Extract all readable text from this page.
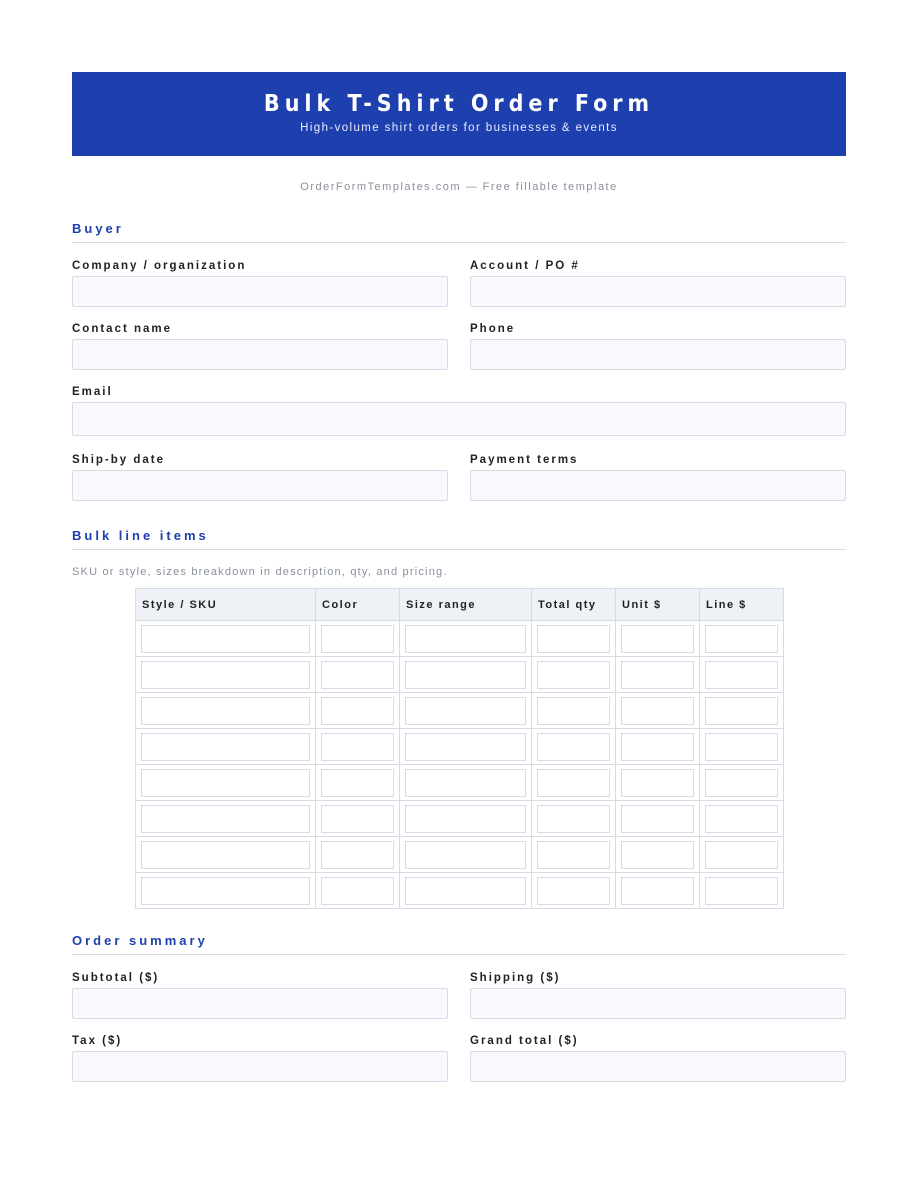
Bulk T-Shirt Order Form
High-volume shirt orders for businesses & events
OrderFormTemplates.com — Free fillable template
Buyer
Company / organization	Account / PO #
Contact name	Phone
Email
Ship-by date	Payment terms
Bulk line items
SKU or style, sizes breakdown in description, qty, and pricing.
Style / SKU	Color	Size range	Total qty	Unit $	Line $

Order summary
Subtotal ($)	Shipping ($)
Tax ($)	Grand total ($)
